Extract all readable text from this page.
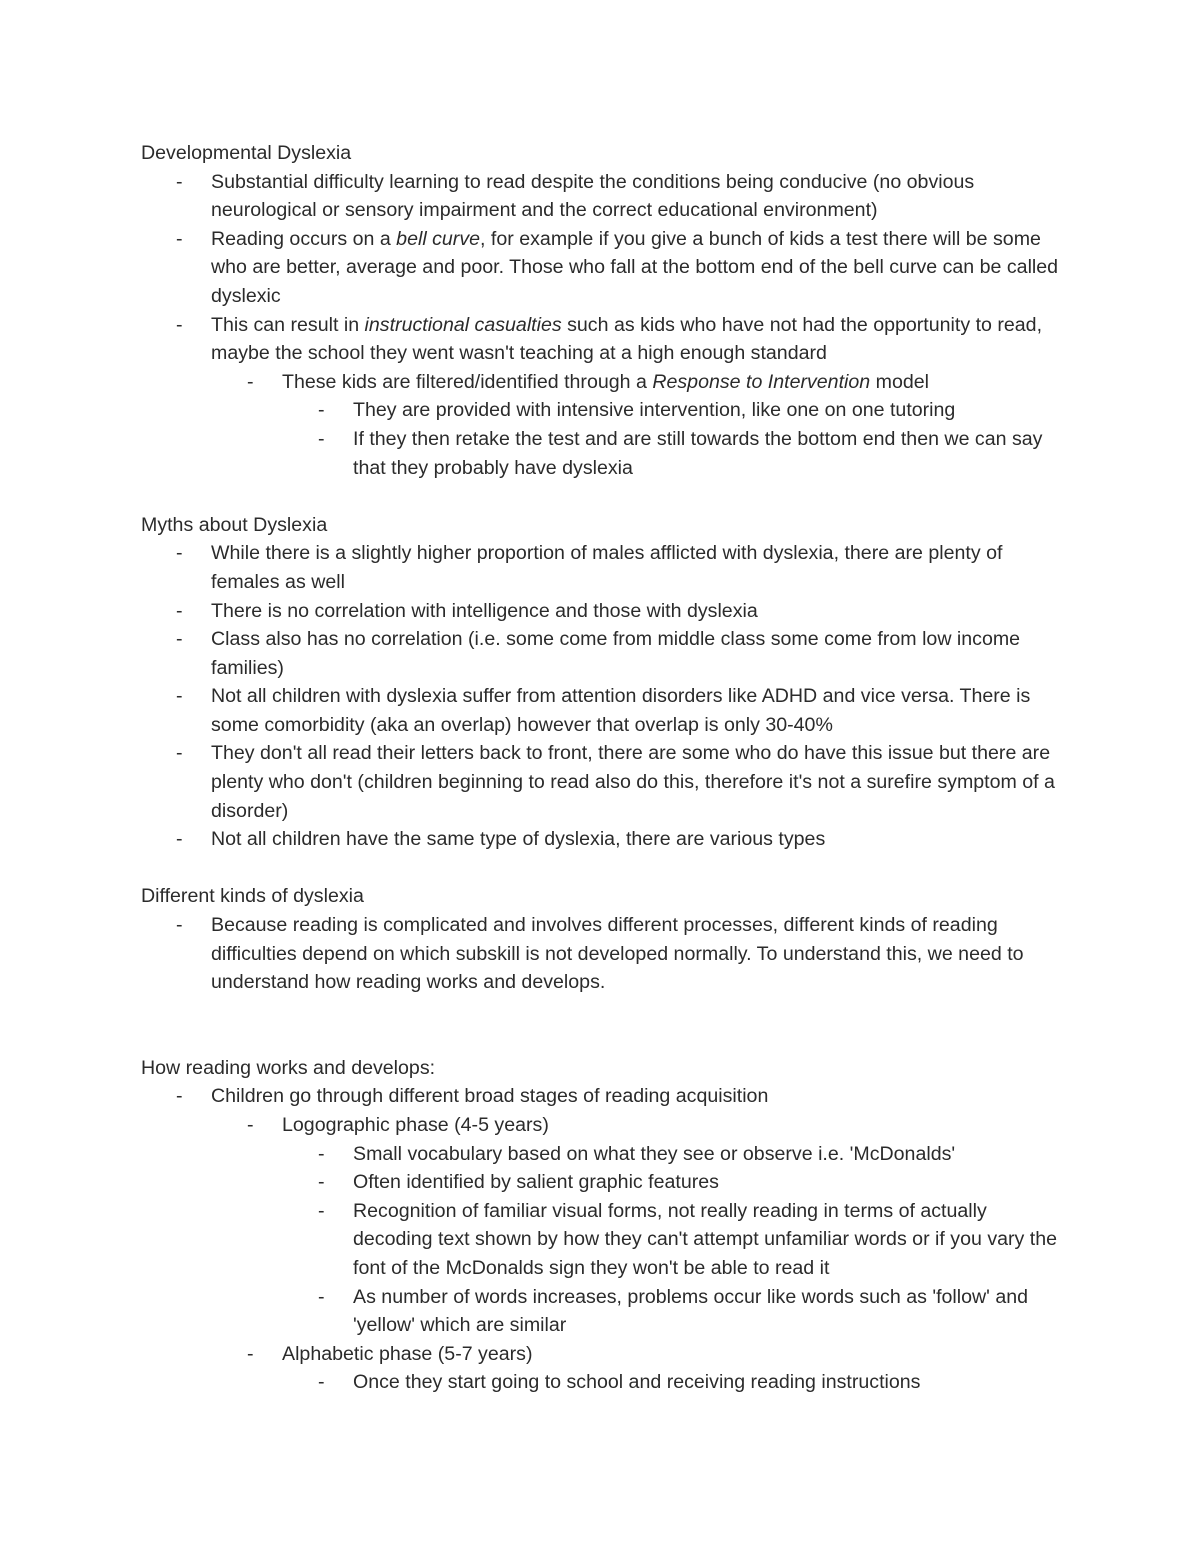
Developmental Dyslexia

- Substantial difficulty learning to read despite the conditions being conducive (no obvious neurological or sensory impairment and the correct educational environment)
- Reading occurs on a bell curve, for example if you give a bunch of kids a test there will be some who are better, average and poor. Those who fall at the bottom end of the bell curve can be called dyslexic
- This can result in instructional casualties such as kids who have not had the opportunity to read, maybe the school they went wasn't teaching at a high enough standard
- These kids are filtered/identified through a Response to Intervention model
- They are provided with intensive intervention, like one on one tutoring
- If they then retake the test and are still towards the bottom end then we can say that they probably have dyslexia

Myths about Dyslexia

- While there is a slightly higher proportion of males afflicted with dyslexia, there are plenty of females as well
- There is no correlation with intelligence and those with dyslexia
- Class also has no correlation (i.e. some come from middle class some come from low income families)
- Not all children with dyslexia suffer from attention disorders like ADHD and vice versa. There is some comorbidity (aka an overlap) however that overlap is only 30-40%
- They don't all read their letters back to front, there are some who do have this issue but there are plenty who don't (children beginning to read also do this, therefore it's not a surefire symptom of a disorder)
- Not all children have the same type of dyslexia, there are various types

Different kinds of dyslexia

- Because reading is complicated and involves different processes, different kinds of reading difficulties depend on which subskill is not developed normally. To understand this, we need to understand how reading works and develops.

How reading works and develops:

- Children go through different broad stages of reading acquisition
- Logographic phase (4-5 years)
- Small vocabulary based on what they see or observe i.e. 'McDonalds'
- Often identified by salient graphic features
- Recognition of familiar visual forms, not really reading in terms of actually decoding text shown by how they can't attempt unfamiliar words or if you vary the font of the McDonalds sign they won't be able to read it
- As number of words increases, problems occur like words such as 'follow' and 'yellow' which are similar
- Alphabetic phase (5-7 years)
- Once they start going to school and receiving reading instructions
